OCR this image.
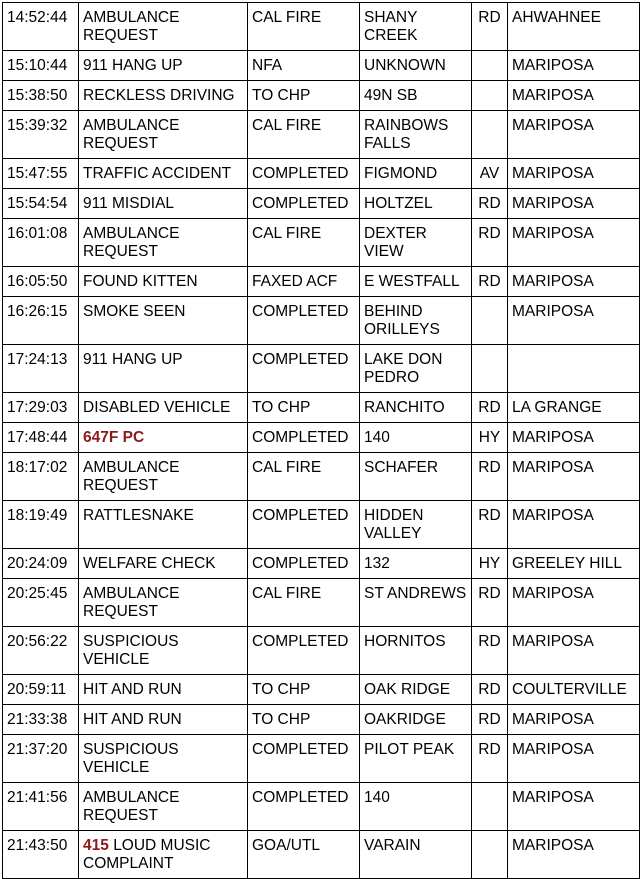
14:52:44	AMBULANCE REQUEST	CAL FIRE	SHANY CREEK	RD	AHWAHNEE
15:10:44	911 HANG UP	NFA	UNKNOWN		MARIPOSA
15:38:50	RECKLESS DRIVING	TO CHP	49N SB		MARIPOSA
15:39:32	AMBULANCE REQUEST	CAL FIRE	RAINBOWS FALLS		MARIPOSA
15:47:55	TRAFFIC ACCIDENT	COMPLETED	FIGMOND	AV	MARIPOSA
15:54:54	911 MISDIAL	COMPLETED	HOLTZEL	RD	MARIPOSA
16:01:08	AMBULANCE REQUEST	CAL FIRE	DEXTER VIEW	RD	MARIPOSA
16:05:50	FOUND KITTEN	FAXED ACF	E WESTFALL	RD	MARIPOSA
16:26:15	SMOKE SEEN	COMPLETED	BEHIND ORILLEYS		MARIPOSA
17:24:13	911 HANG UP	COMPLETED	LAKE DON PEDRO		
17:29:03	DISABLED VEHICLE	TO CHP	RANCHITO	RD	LA GRANGE
17:48:44	647F PC	COMPLETED	140	HY	MARIPOSA
18:17:02	AMBULANCE REQUEST	CAL FIRE	SCHAFER	RD	MARIPOSA
18:19:49	RATTLESNAKE	COMPLETED	HIDDEN VALLEY	RD	MARIPOSA
20:24:09	WELFARE CHECK	COMPLETED	132	HY	GREELEY HILL
20:25:45	AMBULANCE REQUEST	CAL FIRE	ST ANDREWS	RD	MARIPOSA
20:56:22	SUSPICIOUS VEHICLE	COMPLETED	HORNITOS	RD	MARIPOSA
20:59:11	HIT AND RUN	TO CHP	OAK RIDGE	RD	COULTERVILLE
21:33:38	HIT AND RUN	TO CHP	OAKRIDGE	RD	MARIPOSA
21:37:20	SUSPICIOUS VEHICLE	COMPLETED	PILOT PEAK	RD	MARIPOSA
21:41:56	AMBULANCE REQUEST	COMPLETED	140		MARIPOSA
21:43:50	415 LOUD MUSIC COMPLAINT	GOA/UTL	VARAIN		MARIPOSA
